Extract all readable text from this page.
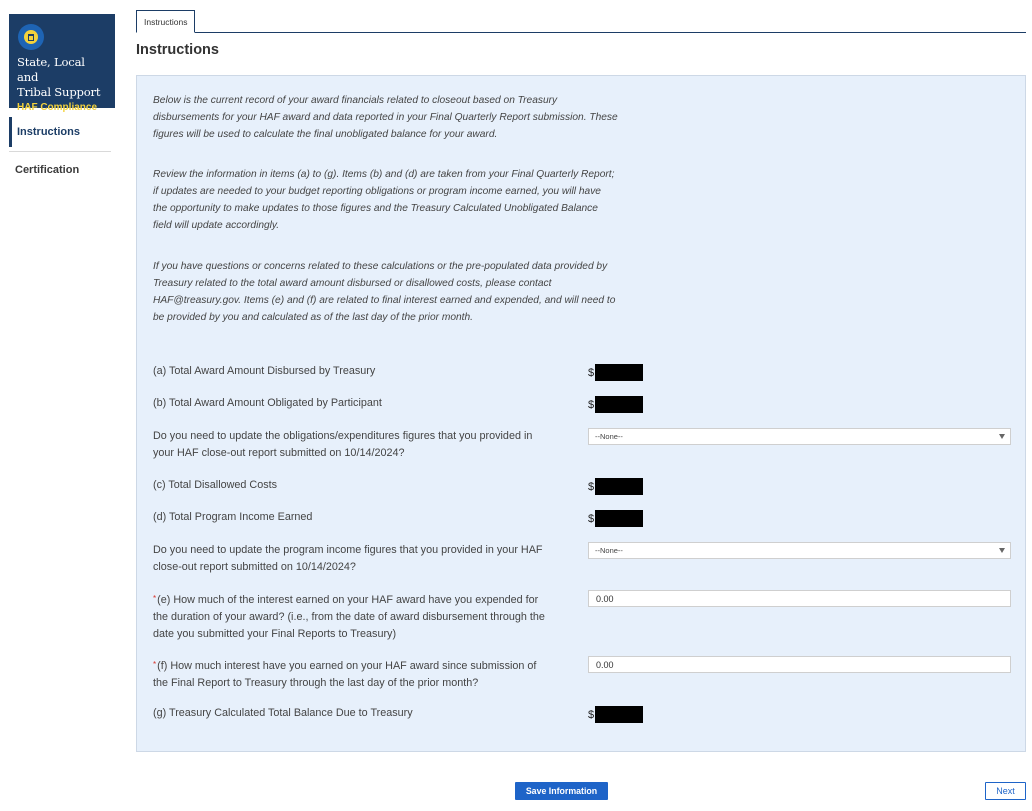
State, Local and
Tribal Support
HAF Compliance
Instructions
Certification
Instructions
Instructions
Below is the current record of your award financials related to closeout based on Treasury
disbursements for your HAF award and data reported in your Final Quarterly Report submission. These
figures will be used to calculate the final unobligated balance for your award.
Review the information in items (a) to (g). Items (b) and (d) are taken from your Final Quarterly Report;
if updates are needed to your budget reporting obligations or program income earned, you will have
the opportunity to make updates to those figures and the Treasury Calculated Unobligated Balance
field will update accordingly.
If you have questions or concerns related to these calculations or the pre-populated data provided by
Treasury related to the total award amount disbursed or disallowed costs, please contact
HAF@treasury.gov. Items (e) and (f) are related to final interest earned and expended, and will need to
be provided by you and calculated as of the last day of the prior month.
(a) Total Award Amount Disbursed by Treasury	$
(b) Total Award Amount Obligated by Participant	$
Do you need to update the obligations/expenditures figures that you provided in
your HAF close-out report submitted on 10/14/2024?
--None--
(c) Total Disallowed Costs	$
(d) Total Program Income Earned	$
Do you need to update the program income figures that you provided in your HAF
close-out report submitted on 10/14/2024?
--None--
*(e) How much of the interest earned on your HAF award have you expended for
the duration of your award? (i.e., from the date of award disbursement through the
date you submitted your Final Reports to Treasury)
0.00
*(f) How much interest have you earned on your HAF award since submission of
the Final Report to Treasury through the last day of the prior month?
0.00
(g) Treasury Calculated Total Balance Due to Treasury	$
Save Information	Next
